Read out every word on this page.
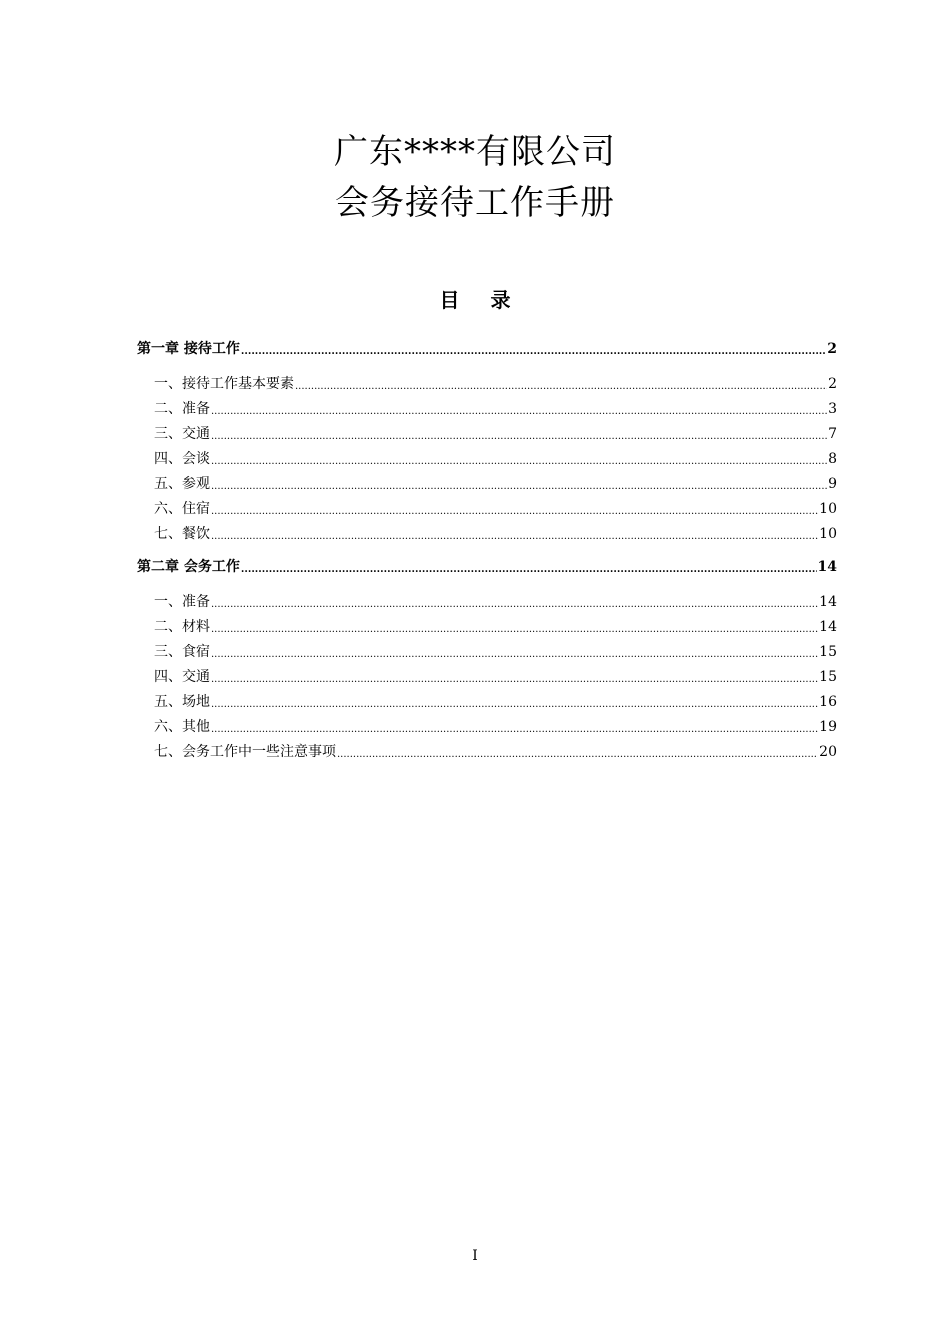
广东****有限公司
会务接待工作手册
目 录
第一章 接待工作 .....	2
一、接待工作基本要素 .....	2
二、准备 .....	3
三、交通 .....	7
四、会谈 .....	8
五、参观 .....	9
六、住宿 .....	10
七、餐饮 .....	10
第二章 会务工作 .....	14
一、准备 .....	14
二、材料 .....	14
三、食宿 .....	15
四、交通 .....	15
五、场地 .....	16
六、其他 .....	19
七、会务工作中一些注意事项 .....	20
I
